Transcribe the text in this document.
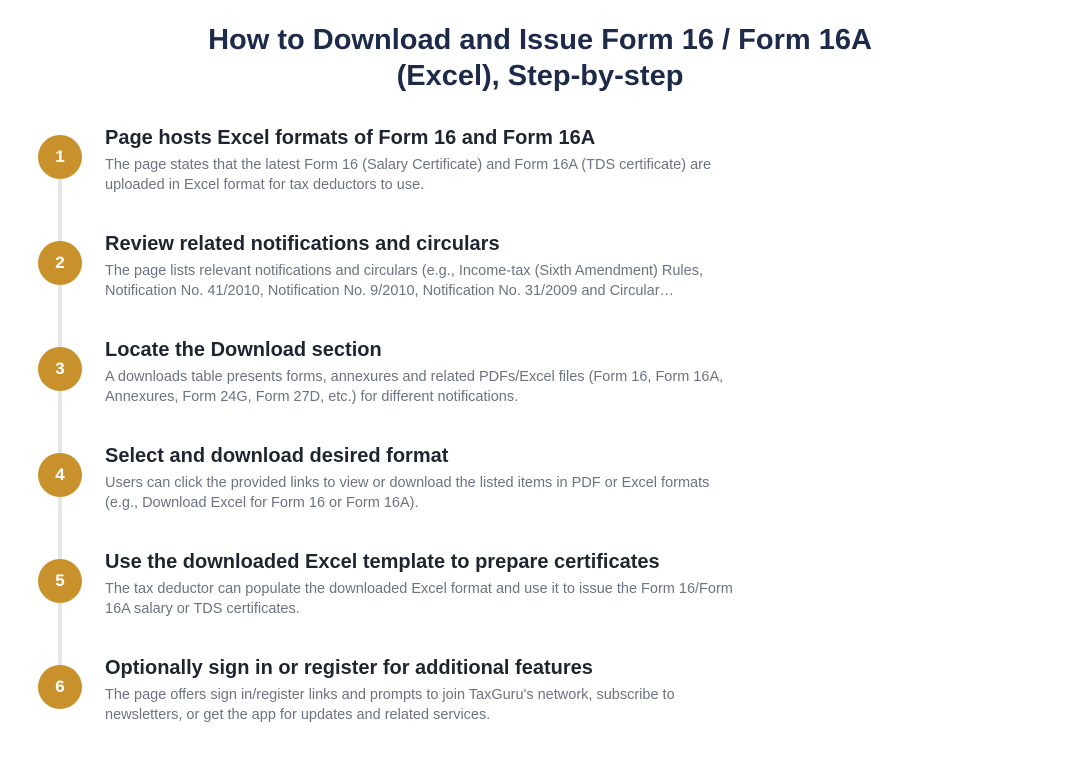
How to Download and Issue Form 16 / Form 16A
(Excel), Step-by-step
1
Page hosts Excel formats of Form 16 and Form 16A
The page states that the latest Form 16 (Salary Certificate) and Form 16A (TDS certificate) are
uploaded in Excel format for tax deductors to use.
2
Review related notifications and circulars
The page lists relevant notifications and circulars (e.g., Income-tax (Sixth Amendment) Rules,
Notification No. 41/2010, Notification No. 9/2010, Notification No. 31/2009 and Circular…
3
Locate the Download section
A downloads table presents forms, annexures and related PDFs/Excel files (Form 16, Form 16A,
Annexures, Form 24G, Form 27D, etc.) for different notifications.
4
Select and download desired format
Users can click the provided links to view or download the listed items in PDF or Excel formats
(e.g., Download Excel for Form 16 or Form 16A).
5
Use the downloaded Excel template to prepare certificates
The tax deductor can populate the downloaded Excel format and use it to issue the Form 16/Form
16A salary or TDS certificates.
6
Optionally sign in or register for additional features
The page offers sign in/register links and prompts to join TaxGuru's network, subscribe to
newsletters, or get the app for updates and related services.
